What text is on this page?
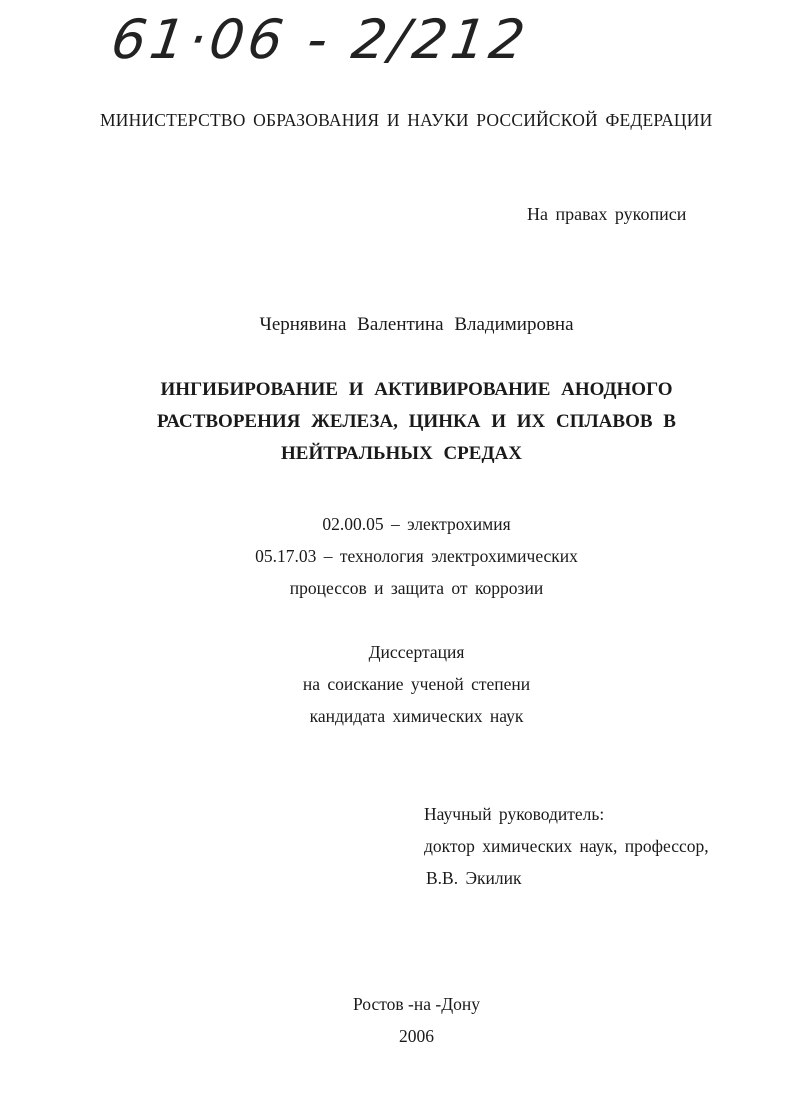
61·06 - 2/212
МИНИСТЕРСТВО ОБРАЗОВАНИЯ И НАУКИ РОССИЙСКОЙ ФЕДЕРАЦИИ
На правах рукописи
Чернявина Валентина Владимировна
ИНГИБИРОВАНИЕ И АКТИВИРОВАНИЕ АНОДНОГО
РАСТВОРЕНИЯ ЖЕЛЕЗА, ЦИНКА И ИХ СПЛАВОВ В
НЕЙТРАЛЬНЫХ СРЕДАХ
02.00.05 – электрохимия
05.17.03 – технология электрохимических
процессов и защита от коррозии
Диссертация
на соискание ученой степени
кандидата химических наук
Научный руководитель:
доктор химических наук, профессор,
В.В. Экилик
Ростов -на -Дону
2006
